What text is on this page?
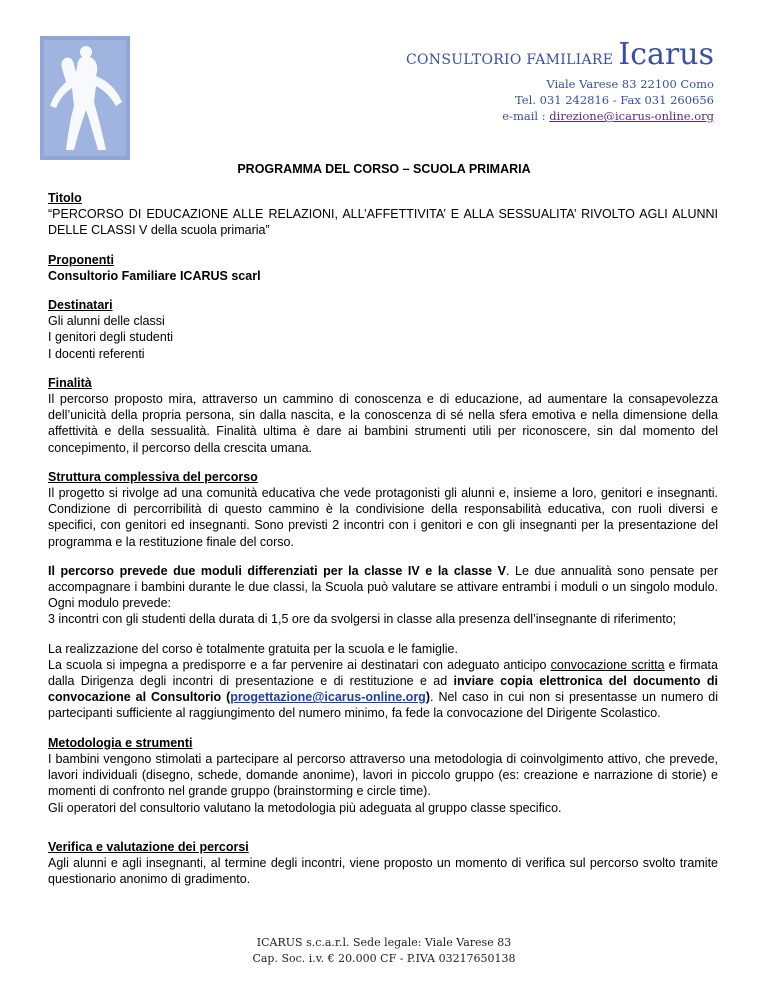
CONSULTORIO FAMILIARE Icarus
Viale Varese 83 22100 Como
Tel. 031 242816 - Fax 031 260656
e-mail : direzione@icarus-online.org
PROGRAMMA DEL CORSO – SCUOLA PRIMARIA
Titolo

“PERCORSO DI EDUCAZIONE ALLE RELAZIONI, ALL’AFFETTIVITA’ E ALLA SESSUALITA’ RIVOLTO AGLI ALUNNI DELLE CLASSI V della scuola primaria”

Proponenti

Consultorio Familiare ICARUS scarl

Destinatari

Gli alunni delle classi

I genitori degli studenti

I docenti referenti

Finalità

Il percorso proposto mira, attraverso un cammino di conoscenza e di educazione, ad aumentare la consapevolezza dell’unicità della propria persona, sin dalla nascita, e la conoscenza di sé nella sfera emotiva e nella dimensione della affettività e della sessualità. Finalità ultima è dare ai bambini strumenti utili per riconoscere, sin dal momento del concepimento, il percorso della crescita umana.

Struttura complessiva del percorso

Il progetto si rivolge ad una comunità educativa che vede protagonisti gli alunni e, insieme a loro, genitori e insegnanti. Condizione di percorribilità di questo cammino è la condivisione della responsabilità educativa, con ruoli diversi e specifici, con genitori ed insegnanti. Sono previsti 2 incontri con i genitori e con gli insegnanti per la presentazione del programma e la restituzione finale del corso.

Il percorso prevede due moduli differenziati per la classe IV e la classe V. Le due annualità sono pensate per accompagnare i bambini durante le due classi, la Scuola può valutare se attivare entrambi i moduli o un singolo modulo. Ogni modulo prevede:

3 incontri con gli studenti della durata di 1,5 ore da svolgersi in classe alla presenza dell’insegnante di riferimento;

La realizzazione del corso è totalmente gratuita per la scuola e le famiglie.

La scuola si impegna a predisporre e a far pervenire ai destinatari con adeguato anticipo convocazione scritta e firmata dalla Dirigenza degli incontri di presentazione e di restituzione e ad inviare copia elettronica del documento di convocazione al Consultorio (progettazione@icarus-online.org). Nel caso in cui non si presentasse un numero di partecipanti sufficiente al raggiungimento del numero minimo, fa fede la convocazione del Dirigente Scolastico.

Metodologia e strumenti

I bambini vengono stimolati a partecipare al percorso attraverso una metodologia di coinvolgimento attivo, che prevede, lavori individuali (disegno, schede, domande anonime), lavori in piccolo gruppo (es: creazione e narrazione di storie) e momenti di confronto nel grande gruppo (brainstorming e circle time).

Gli operatori del consultorio valutano la metodologia più adeguata al gruppo classe specifico.

Verifica e valutazione dei percorsi

Agli alunni e agli insegnanti, al termine degli incontri, viene proposto un momento di verifica sul percorso svolto tramite questionario anonimo di gradimento.

ICARUS s.c.a.r.l. Sede legale: Viale Varese 83
Cap. Soc. i.v. € 20.000 CF - P.IVA 03217650138
